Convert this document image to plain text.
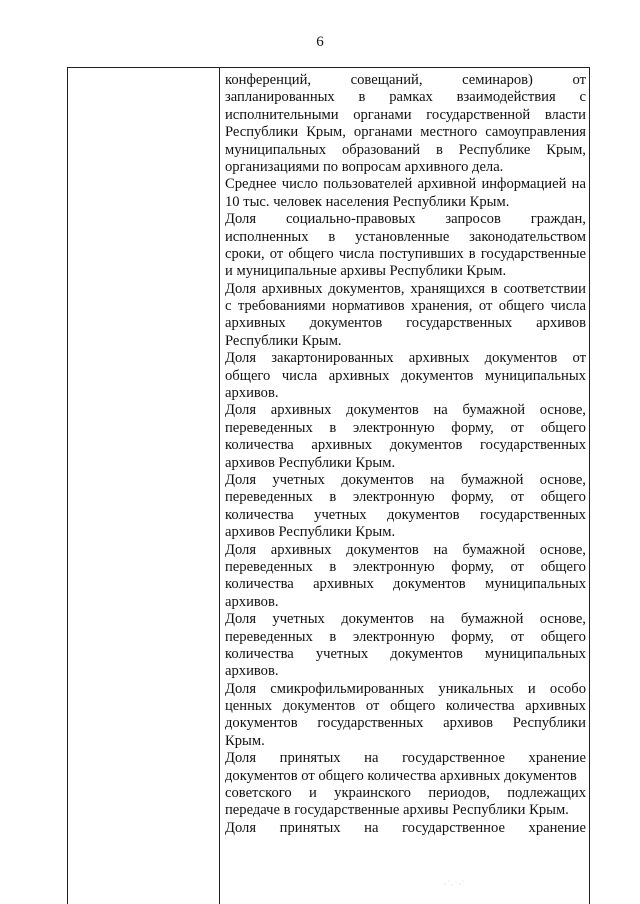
6
конференций,	совещаний,	семинаров)	от
запланированных в рамках взаимодействия с
исполнительными органами государственной власти
Республики Крым, органами местного самоуправления
муниципальных образований в Республике Крым,
организациями по вопросам архивного дела.
Среднее число пользователей архивной информацией на
10 тыс. человек населения Республики Крым.
Доля социально-правовых запросов граждан,
исполненных в установленные законодательством
сроки, от общего числа поступивших в государственные
и муниципальные архивы Республики Крым.
Доля архивных документов, хранящихся в соответствии
с требованиями нормативов хранения, от общего числа
архивных документов государственных архивов
Республики Крым.
Доля закартонированных архивных документов от
общего числа архивных документов муниципальных
архивов.
Доля архивных документов на бумажной основе,
переведенных в электронную форму, от общего
количества архивных документов государственных
архивов Республики Крым.
Доля учетных документов на бумажной основе,
переведенных в электронную форму, от общего
количества учетных документов государственных
архивов Республики Крым.
Доля архивных документов на бумажной основе,
переведенных в электронную форму, от общего
количества архивных документов муниципальных
архивов.
Доля учетных документов на бумажной основе,
переведенных в электронную форму, от общего
количества учетных документов муниципальных
архивов.
Доля смикрофильмированных уникальных и особо
ценных документов от общего количества архивных
документов государственных архивов Республики
Крым.
Доля принятых на государственное хранение
документов от общего количества архивных документов
советского и украинского периодов, подлежащих
передаче в государственные архивы Республики Крым.
Доля принятых на государственное хранение
